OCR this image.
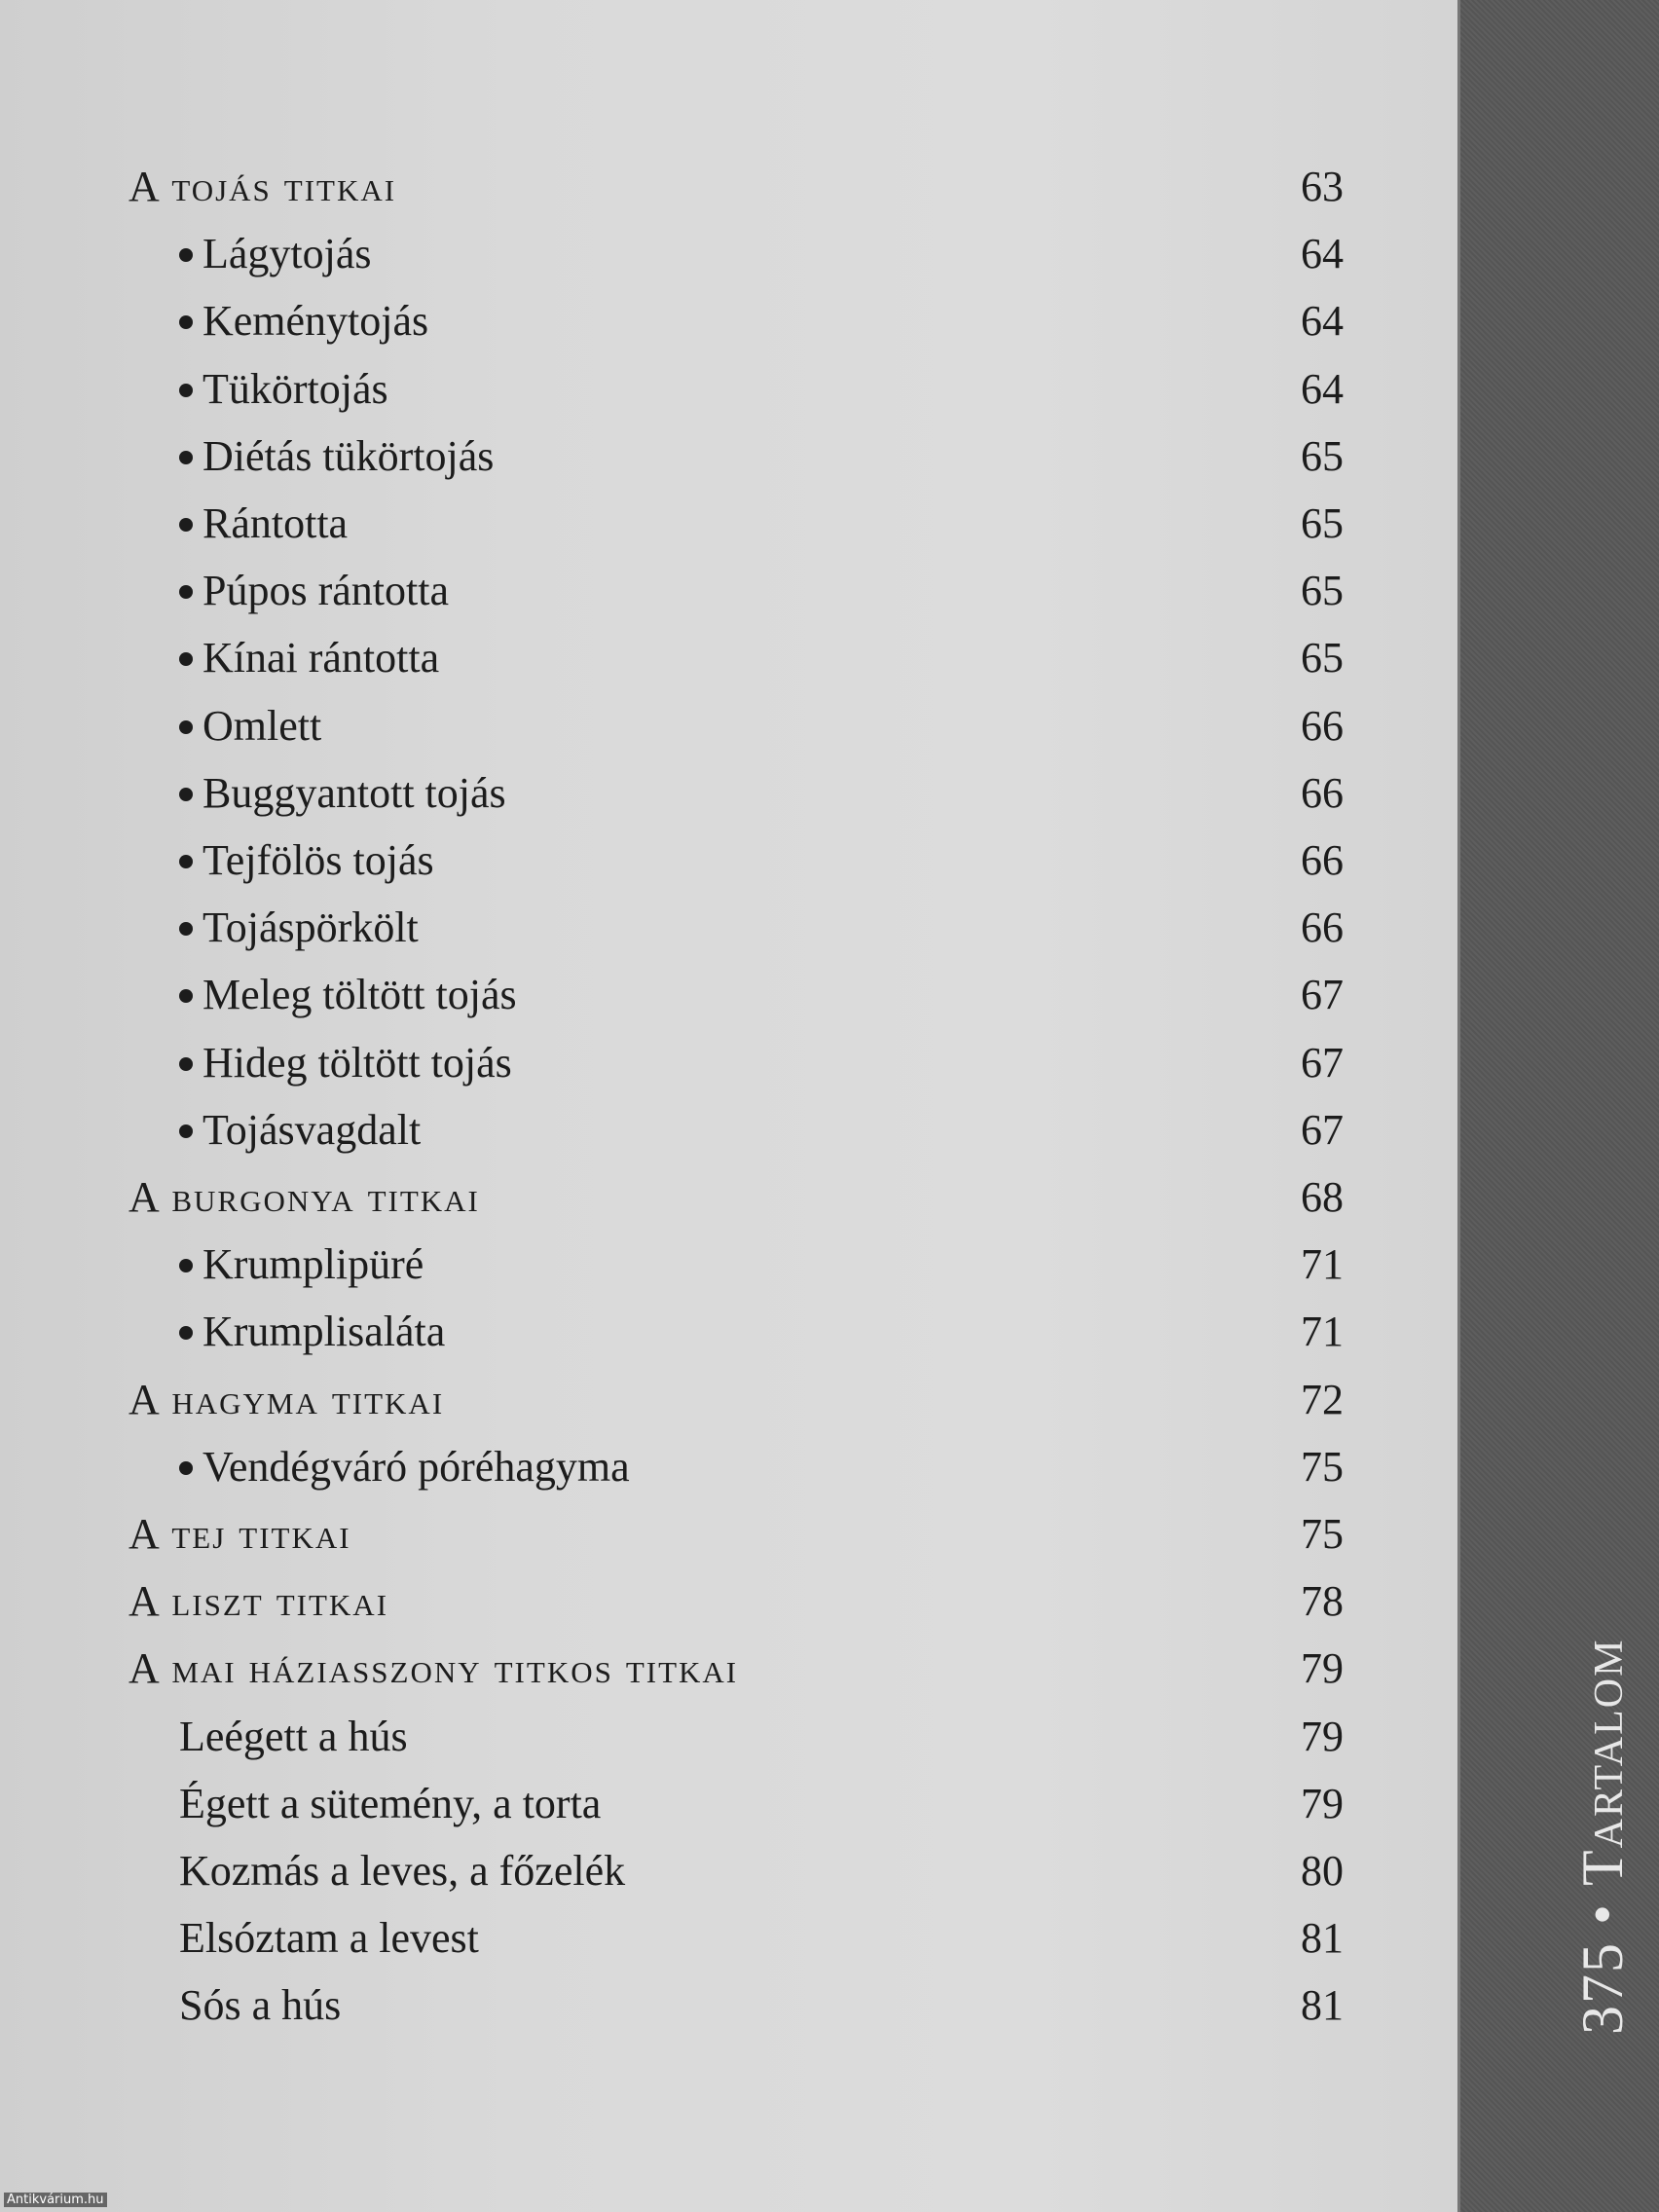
375 • Tartalom
A tojás titkai	63
Lágytojás	64
Keménytojás	64
Tükörtojás	64
Diétás tükörtojás	65
Rántotta	65
Púpos rántotta	65
Kínai rántotta	65
Omlett	66
Buggyantott tojás	66
Tejfölös tojás	66
Tojáspörkölt	66
Meleg töltött tojás	67
Hideg töltött tojás	67
Tojásvagdalt	67
A burgonya titkai	68
Krumplipüré	71
Krumplisaláta	71
A hagyma titkai	72
Vendégváró póréhagyma	75
A tej titkai	75
A liszt titkai	78
A mai háziasszony titkos titkai	79
Leégett a hús	79
Égett a sütemény, a torta	79
Kozmás a leves, a főzelék	80
Elsóztam a levest	81
Sós a hús	81
Antikvárium.hu
